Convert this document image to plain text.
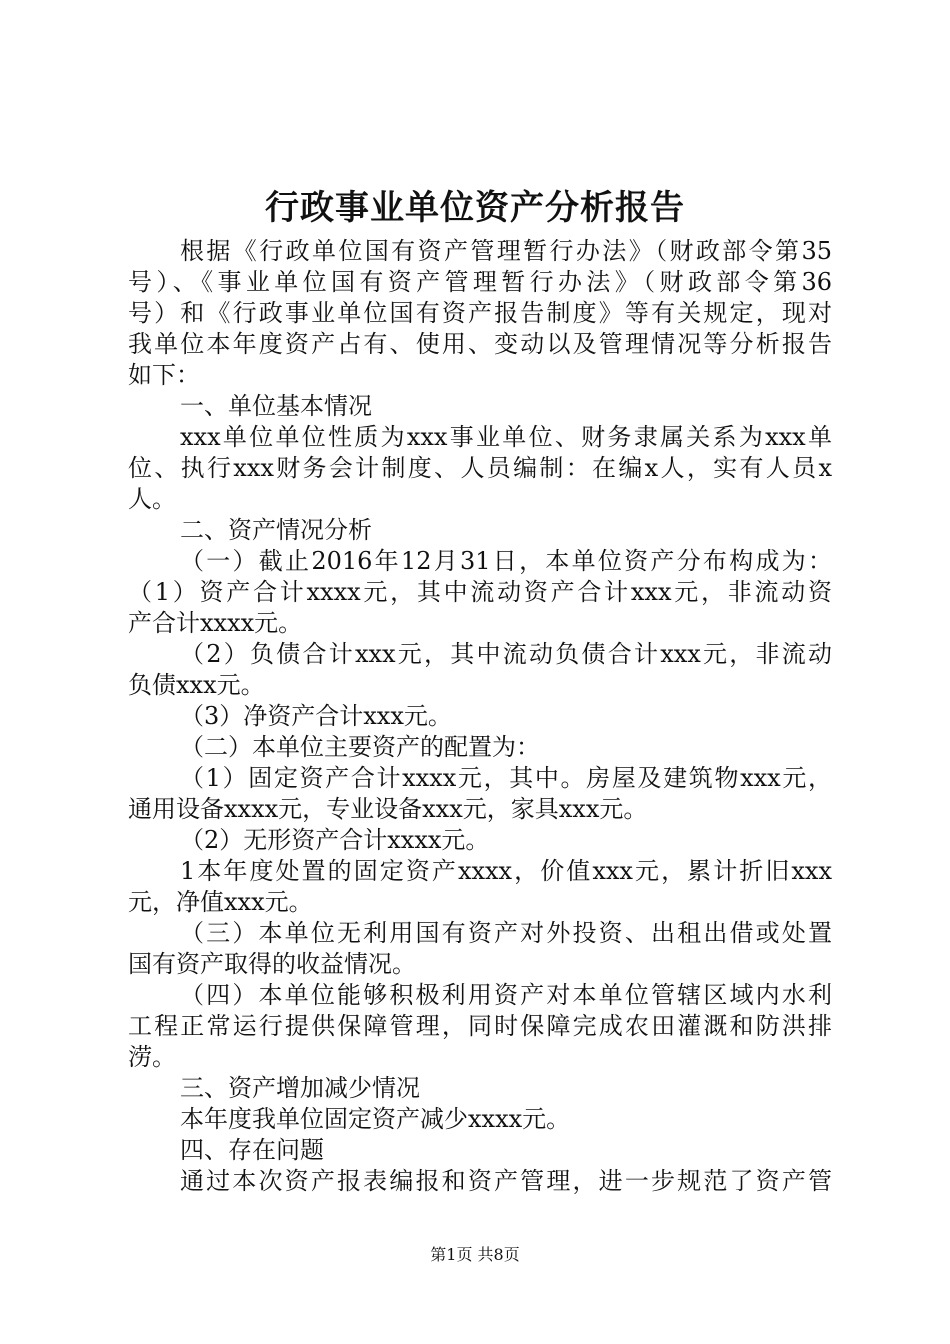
行政事业单位资产分析报告
根据《行政单位国有资产管理暂行办法》（财政部令第35
号）、《事业单位国有资产管理暂行办法》（财政部令第36
号）和《行政事业单位国有资产报告制度》等有关规定，现对
我单位本年度资产占有、使用、变动以及管理情况等分析报告
如下：
一、单位基本情况
xxx单位单位性质为xxx事业单位、财务隶属关系为xxx单
位、执行xxx财务会计制度、人员编制：在编x人，实有人员x
人。
二、资产情况分析
（一）截止2016年12月31日，本单位资产分布构成为：
（1）资产合计xxxx元，其中流动资产合计xxx元，非流动资
产合计xxxx元。
（2）负债合计xxx元，其中流动负债合计xxx元，非流动
负债xxx元。
（3）净资产合计xxx元。
（二）本单位主要资产的配置为：
（1）固定资产合计xxxx元，其中。房屋及建筑物xxx元，
通用设备xxxx元，专业设备xxx元，家具xxx元。
（2）无形资产合计xxxx元。
1本年度处置的固定资产xxxx，价值xxx元，累计折旧xxx
元，净值xxx元。
（三）本单位无利用国有资产对外投资、出租出借或处置
国有资产取得的收益情况。
（四）本单位能够积极利用资产对本单位管辖区域内水利
工程正常运行提供保障管理，同时保障完成农田灌溉和防洪排
涝。
三、资产增加减少情况
本年度我单位固定资产减少xxxx元。
四、存在问题
通过本次资产报表编报和资产管理，进一步规范了资产管
第1页 共8页
